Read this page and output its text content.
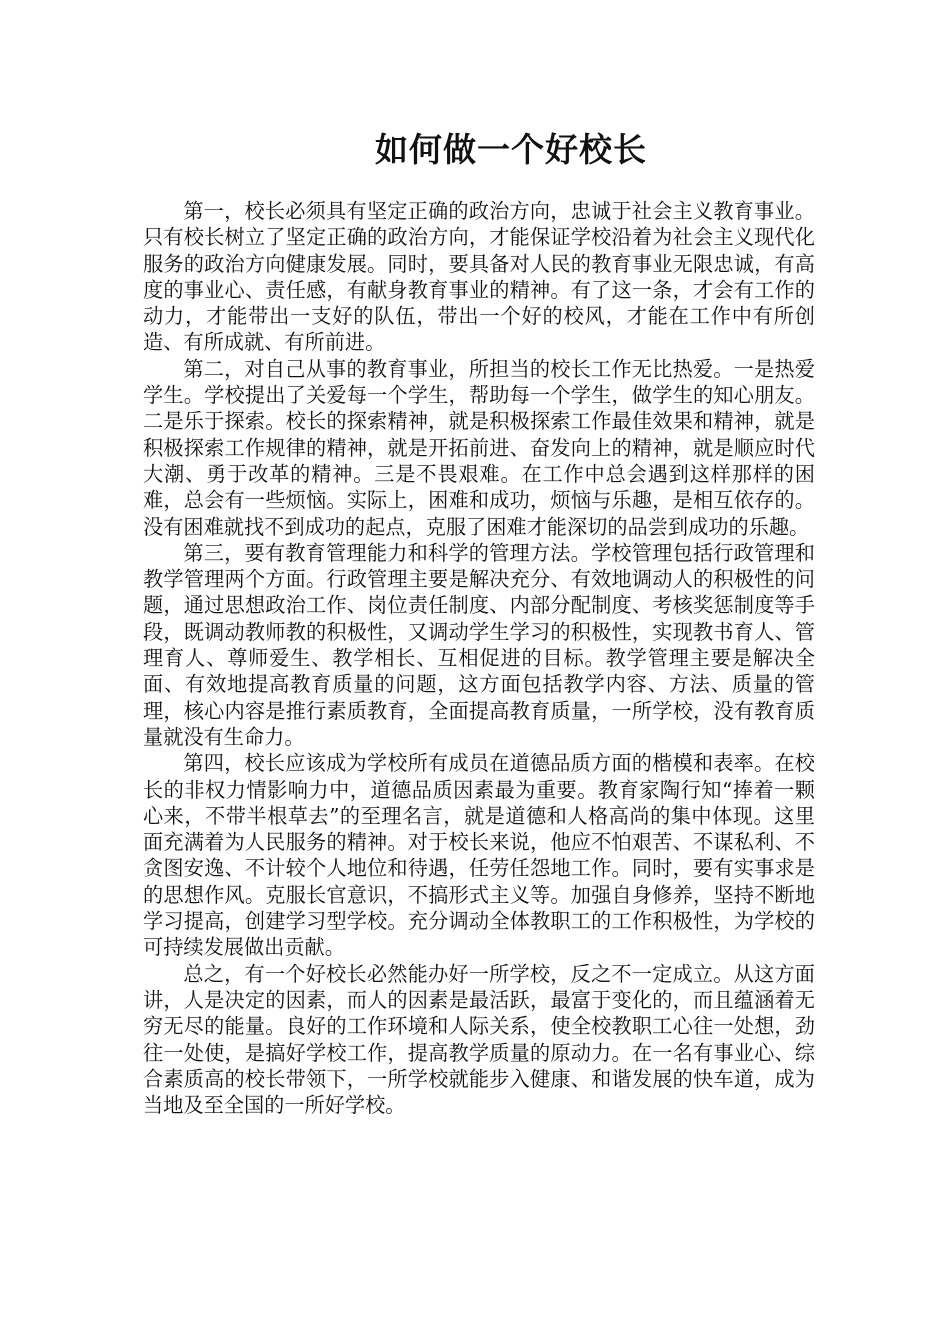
如何做一个好校长

第一，校长必须具有坚定正确的政治方向，忠诚于社会主义教育事业。只有校长树立了坚定正确的政治方向，才能保证学校沿着为社会主义现代化服务的政治方向健康发展。同时，要具备对人民的教育事业无限忠诚，有高度的事业心、责任感，有献身教育事业的精神。有了这一条，才会有工作的动力，才能带出一支好的队伍，带出一个好的校风，才能在工作中有所创造、有所成就、有所前进。

第二，对自己从事的教育事业，所担当的校长工作无比热爱。一是热爱学生。学校提出了关爱每一个学生，帮助每一个学生，做学生的知心朋友。二是乐于探索。校长的探索精神，就是积极探索工作最佳效果和精神，就是积极探索工作规律的精神，就是开拓前进、奋发向上的精神，就是顺应时代大潮、勇于改革的精神。三是不畏艰难。在工作中总会遇到这样那样的困难，总会有一些烦恼。实际上，困难和成功，烦恼与乐趣，是相互依存的。没有困难就找不到成功的起点，克服了困难才能深切的品尝到成功的乐趣。

第三，要有教育管理能力和科学的管理方法。学校管理包括行政管理和教学管理两个方面。行政管理主要是解决充分、有效地调动人的积极性的问题，通过思想政治工作、岗位责任制度、内部分配制度、考核奖惩制度等手段，既调动教师教的积极性，又调动学生学习的积极性，实现教书育人、管理育人、尊师爱生、教学相长、互相促进的目标。教学管理主要是解决全面、有效地提高教育质量的问题，这方面包括教学内容、方法、质量的管理，核心内容是推行素质教育，全面提高教育质量，一所学校，没有教育质量就没有生命力。

第四，校长应该成为学校所有成员在道德品质方面的楷模和表率。在校长的非权力情影响力中，道德品质因素最为重要。教育家陶行知“捧着一颗心来，不带半根草去”的至理名言，就是道德和人格高尚的集中体现。这里面充满着为人民服务的精神。对于校长来说，他应不怕艰苦、不谋私利、不贪图安逸、不计较个人地位和待遇，任劳任怨地工作。同时，要有实事求是的思想作风。克服长官意识，不搞形式主义等。加强自身修养，坚持不断地学习提高，创建学习型学校。充分调动全体教职工的工作积极性，为学校的可持续发展做出贡献。

总之，有一个好校长必然能办好一所学校，反之不一定成立。从这方面讲，人是决定的因素，而人的因素是最活跃，最富于变化的，而且蕴涵着无穷无尽的能量。良好的工作环境和人际关系，使全校教职工心往一处想，劲往一处使，是搞好学校工作，提高教学质量的原动力。在一名有事业心、综合素质高的校长带领下，一所学校就能步入健康、和谐发展的快车道，成为当地及至全国的一所好学校。
